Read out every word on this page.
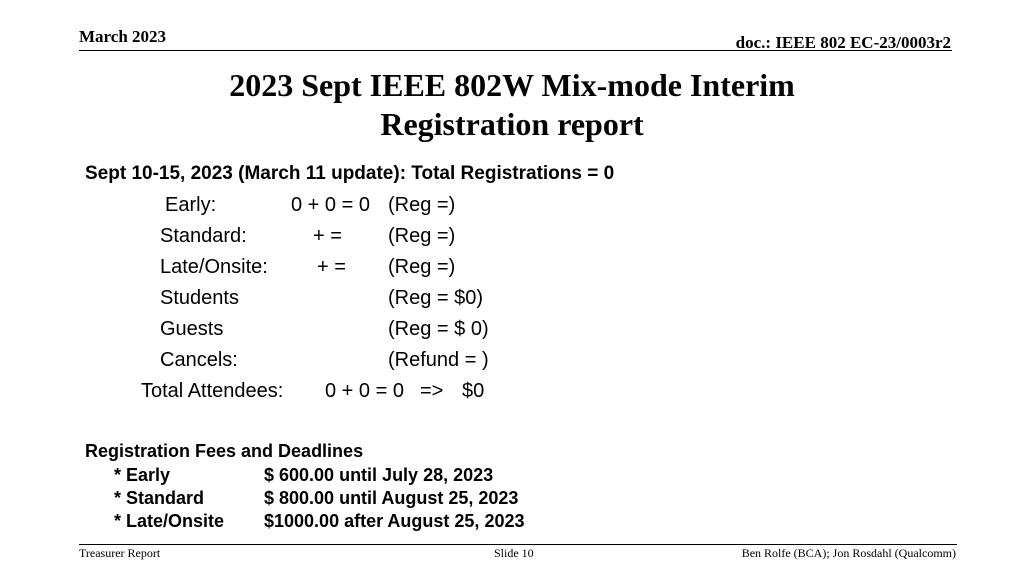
March 2023	doc.: IEEE 802 EC-23/0003r2
2023 Sept IEEE 802W Mix-mode Interim
Registration report
Sept 10-15, 2023 (March 11 update): Total Registrations = 0
Early:	0 + 0 = 0 (Reg =)
Standard:	+ = (Reg =)
Late/Onsite: + = (Reg =)
Students	(Reg = $0)
Guests	(Reg = $ 0)
Cancels:	(Refund = )
Total Attendees: 0 + 0 = 0 => $0
Registration Fees and Deadlines
* Early	$ 600.00 until July 28, 2023
* Standard	$ 800.00 until August 25, 2023
* Late/Onsite $1000.00 after August 25, 2023
Treasurer Report	Slide 10	Ben Rolfe (BCA); Jon Rosdahl (Qualcomm)
